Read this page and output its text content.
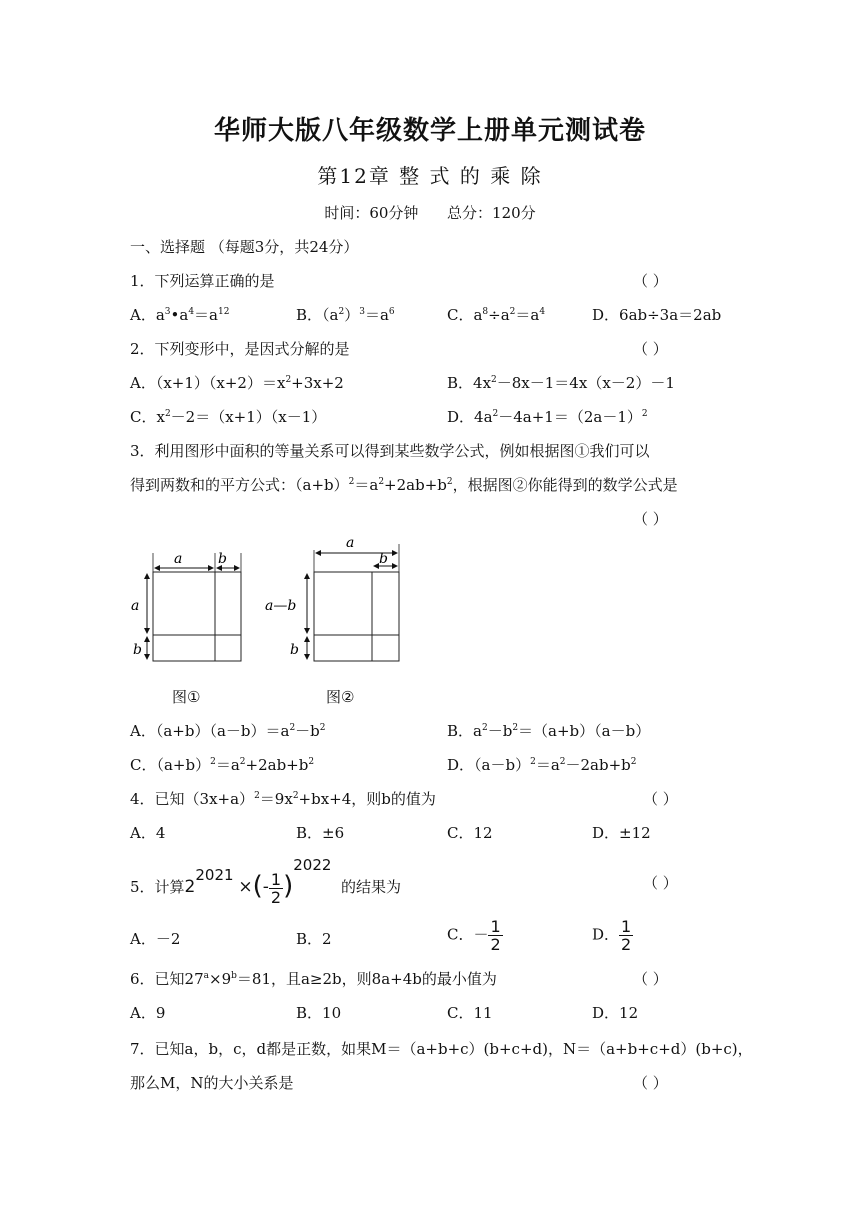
华师大版八年级数学上册单元测试卷
第12章 整 式 的 乘 除
时间：60分钟 总分：120分
一、选择题 （每题3分，共24分）
1．下列运算正确的是	（ ）
A．$a^3•a^4=a^{12}$	B．$(a^2)^3=a^6$	C．$a^8\div a^2=a^4$	D．6ab÷3a＝2ab
2．下列变形中，是因式分解的是	（ ）
A．$(x+1)(x+2)=x^2+3x+2$	B．$4x^2-8x-1=4x(x-2)-1$
C．$x^2-2=(x+1)(x-1)$	D．$4a^2-4a+1=(2a-1)^2$
3．利用图形中面积的等量关系可以得到某些数学公式，例如根据图①我们可以
得到两数和的平方公式：$(a+b)^2=a^2+2ab+b^2$，根据图②你能得到的数学公式是
（ ）
a	b
a
b
a
b
a—b
b
图①	图②
A．$(a+b)(a-b)=a^2-b^2$	B．$a^2-b^2=(a+b)(a-b)$
C．$(a+b)^2=a^2+2ab+b^2$	D．$(a-b)^2=a^2-2ab+b^2$
4．已知$(3x+a)^2=9x^2+bx+4$，则b的值为	（ ）
A．4	B．±6	C．12	D．±12
5．计算22021 ×(- $\frac{1}{2} )2022$  的结果为	（ ）
A．－2	B．2	C．－ $\frac{1}{2}$	D． $\frac{1}{2}$
6．已知$27^a\times 9^b=81$，且a≥2b，则8a+4b的最小值为	（ ）
A．9	B．10	C．11	D．12
7．已知a，b，c，d都是正数，如果M＝（a+b+c）(b+c+d)，N＝（a+b+c+d）(b+c)，
那么M，N的大小关系是	（ ）
